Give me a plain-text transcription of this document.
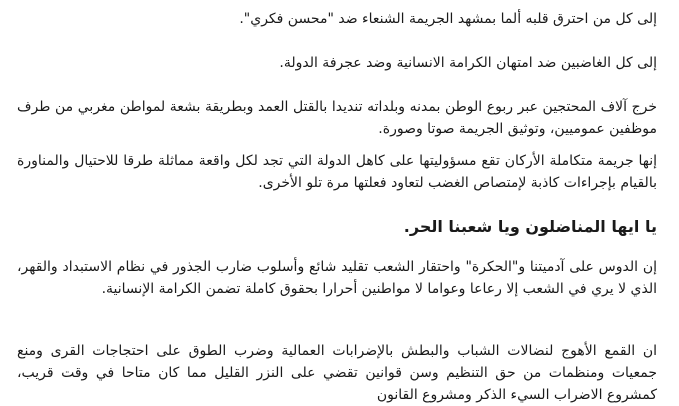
إلى كل من احترق قلبه ألما بمشهد الجريمة الشنعاء ضد "محسن فكري".

إلى كل الغاضبين ضد امتهان الكرامة الانسانية وضد عجرفة الدولة.

خرج آلاف المحتجين عبر ربوع الوطن بمدنه وبلداته تنديدا بالقتل العمد وبطريقة بشعة لمواطن مغربي من طرف موظفين عموميين، وتوثيق الجريمة صوتا وصورة.

إنها جريمة متكاملة الأركان تقع مسؤوليتها على كاهل الدولة التي تجد لكل واقعة مماثلة طرقا للاحتيال والمناورة بالقيام بإجراءات كاذبة لإمتصاص الغضب لتعاود فعلتها مرة تلو الأخرى.

يا ايها المناضلون ويا شعبنا الحر.

إن الدوس على آدميتنا و"الحكرة" واحتقار الشعب تقليد شائع وأسلوب ضارب الجذور في نظام الاستبداد والقهر، الذي لا يري في الشعب إلا رعاعا وعواما لا مواطنين أحرارا بحقوق كاملة تضمن الكرامة الإنسانية.

ان القمع الأهوج لنضالات الشباب والبطش بالإضرابات العمالية وضرب الطوق على احتجاجات القرى ومنع جمعيات ومنظمات من حق التنظيم وسن قوانين تقضي على النزر القليل مما كان متاحا في وقت قريب، كمشروع الاضراب السيء الذكر ومشروع القانون
